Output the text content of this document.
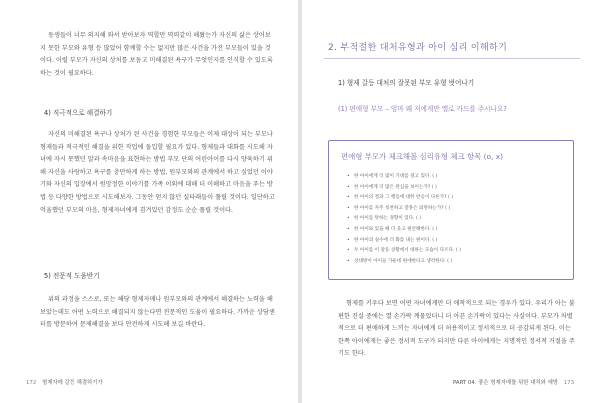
동생들이 너무 의지해 와서 받아보자 역할만 역력같이 해왔는가 자신의 삶은 상어보지 못한 부모와 유형 등 많았어 함께할 수는 없지만 많은 사건을 가진 부모들이 있을 것이다. 이럴 부모가 자신의 상처를 보듬고 미해결된 욕구가 무엇인지를 인식할 수 있도록 하는 것이 필요하다.

4) 직극적으로 해결하기

자신의 미해결된 욕구나 상처가 된 사건을 경험한 부모들은 이제 대상이 되는 부모나 형제들과 적극적인 해결을 위한 작업에 돌입할 필요가 있다. 형제들과 대화를 시도해 자녀에 자시 못했던 말과 속마음을 표현하는 방법 부모 단의 어린아이를 다시 양육하기 위해 자신을 사랑하고 욕구를 충만하게 하는 방법, 원부모와의 관계에서 하고 싶었던 이야기와 자신의 입장에서 원망정한 이야기를 가족 이외에 대해 더 이해하고 마음을 푸는 방법 등 다양한 방법으로 시도해보자. 그동안 얻지 않던 실타래들이 풀릴 것이다. 일단하고 억울했던 부모의 마음, 형제자녀에게 겸겨있던 감정도 순순 풀릴 것이다.

5) 전문적 도움받기

위의 과정을 스스로, 또는 해당 형제자매나 원부모와의 관계에서 해결하는 노력을 해보았는데도 어떤 노력으로 해결되지 않는다면 전문적인 도움이 필요하다. 가까운 상담센터를 방문하여 문제해결을 보다 안전하게 시도해 보길 바란다.

172 형제자매 갈등 해결하기가
2. 부적절한 대처유형과 아이 심리 이해하기
1) 형제 갈등 대처의 잘못된 부모 유형 벗어나기
(1) 편애형 부모 – 엄마 왜 저에게만 옐로 카드를 주시나요?
편애형 부모가 체크해볼 심리유형 체크 항목 (o, x)
• 한 아이에게 더 많이 기대를 걸고 있다. ( )
• 한 아이에게 더 많은 관심을 보이는가? ( )
• 한 아이의 결과 그 행동에 대한 반응이 다른가? ( )
• 한 아이를 자주 칭찬하고 잘못은 외면하는가? ( )
• 한 아이를 탓하는 경향이 있다. ( )
• 한 아이와 있을 때 더 웃고 편안해한다. ( )
• 한 아이의 실수에 더 화를 내는 편이다. ( )
• 두 아이를 이 갈등 상황에서 대하는 모습이 다르다. ( )
• 상대방이 아이들 가운데 편애한다고 생각한다. ( )

형제를 키우다 보면 어떤 자녀에게만 더 애착적으로 되는 경우가 있다. 우리가 아는 불편한 진실 중에는 열 손가락 깨물었더니 더 아픈 손가락이 있다는 사실이다. 부모가 차별적으로 더 편애하게 느끼는 자녀에게 더 허용적이고 정서적으로 더 공감되게 된다. 이는 한쪽 아이에게는 좋은 정서적 도구가 되지만 다른 아이에게는 지명적인 정서적 거절을 주기도 한다.

PART 04. 좋은 형제자매를 위한 대처와 예방 173
